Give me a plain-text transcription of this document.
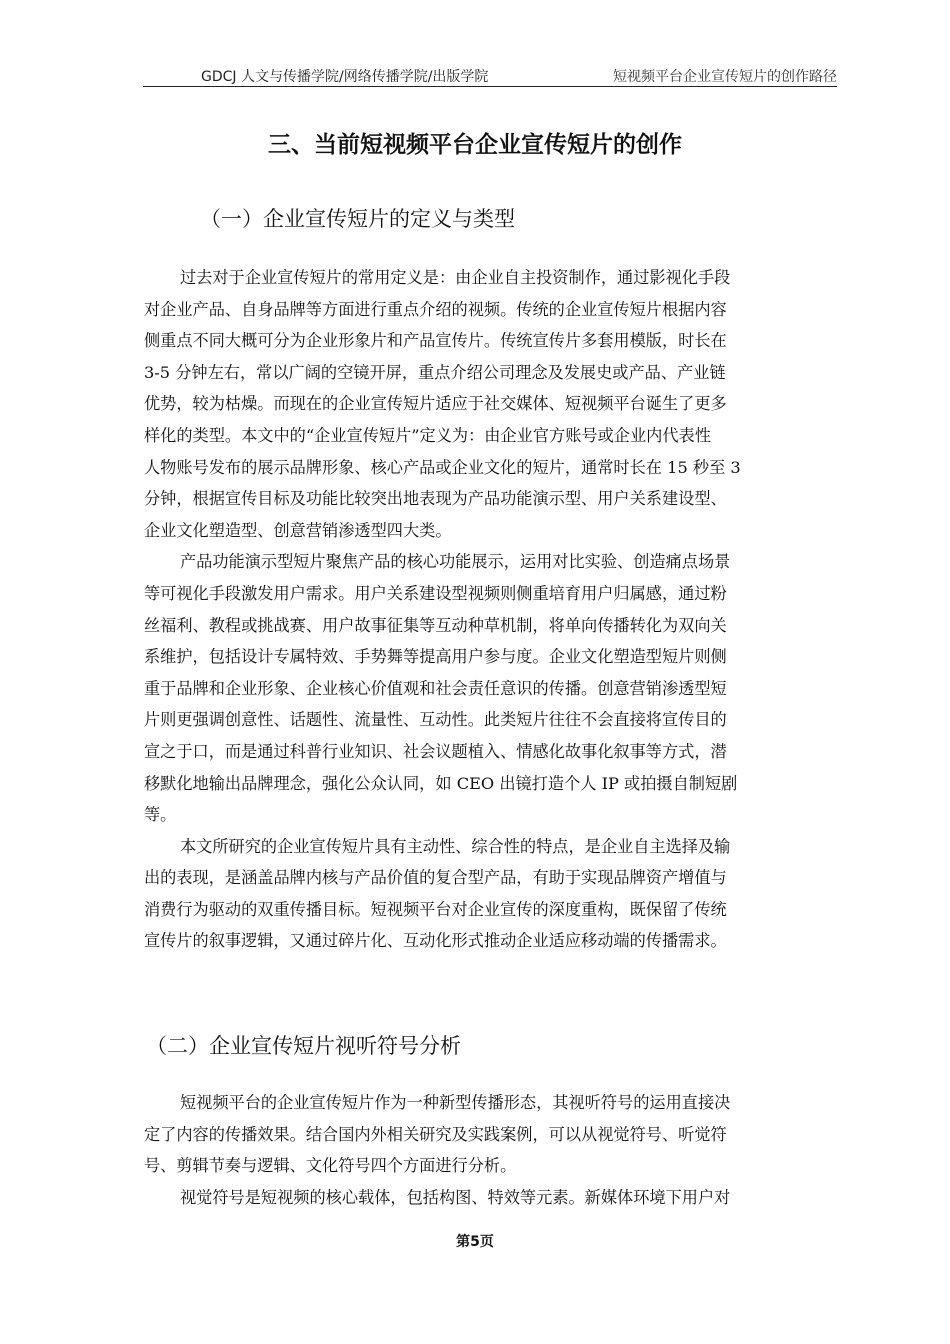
GDCJ 人文与传播学院/网络传播学院/出版学院	短视频平台企业宣传短片的创作路径
三、当前短视频平台企业宣传短片的创作
（一）企业宣传短片的定义与类型
过去对于企业宣传短片的常用定义是：由企业自主投资制作，通过影视化手段
对企业产品、自身品牌等方面进行重点介绍的视频。传统的企业宣传短片根据内容
侧重点不同大概可分为企业形象片和产品宣传片。传统宣传片多套用模版，时长在
3-5 分钟左右，常以广阔的空镜开屏，重点介绍公司理念及发展史或产品、产业链
优势，较为枯燥。而现在的企业宣传短片适应于社交媒体、短视频平台诞生了更多
样化的类型。本文中的“企业宣传短片”定义为：由企业官方账号或企业内代表性
人物账号发布的展示品牌形象、核心产品或企业文化的短片，通常时长在 15 秒至 3
分钟，根据宣传目标及功能比较突出地表现为产品功能演示型、用户关系建设型、
企业文化塑造型、创意营销渗透型四大类。
产品功能演示型短片聚焦产品的核心功能展示，运用对比实验、创造痛点场景
等可视化手段激发用户需求。用户关系建设型视频则侧重培育用户归属感，通过粉
丝福利、教程或挑战赛、用户故事征集等互动种草机制，将单向传播转化为双向关
系维护，包括设计专属特效、手势舞等提高用户参与度。企业文化塑造型短片则侧
重于品牌和企业形象、企业核心价值观和社会责任意识的传播。创意营销渗透型短
片则更强调创意性、话题性、流量性、互动性。此类短片往往不会直接将宣传目的
宣之于口，而是通过科普行业知识、社会议题植入、情感化故事化叙事等方式，潜
移默化地输出品牌理念，强化公众认同，如 CEO 出镜打造个人 IP 或拍摄自制短剧
等。
本文所研究的企业宣传短片具有主动性、综合性的特点，是企业自主选择及输
出的表现，是涵盖品牌内核与产品价值的复合型产品，有助于实现品牌资产增值与
消费行为驱动的双重传播目标。短视频平台对企业宣传的深度重构，既保留了传统
宣传片的叙事逻辑，又通过碎片化、互动化形式推动企业适应移动端的传播需求。
（二）企业宣传短片视听符号分析
短视频平台的企业宣传短片作为一种新型传播形态，其视听符号的运用直接决
定了内容的传播效果。结合国内外相关研究及实践案例，可以从视觉符号、听觉符
号、剪辑节奏与逻辑、文化符号四个方面进行分析。
视觉符号是短视频的核心载体，包括构图、特效等元素。新媒体环境下用户对
第5页
